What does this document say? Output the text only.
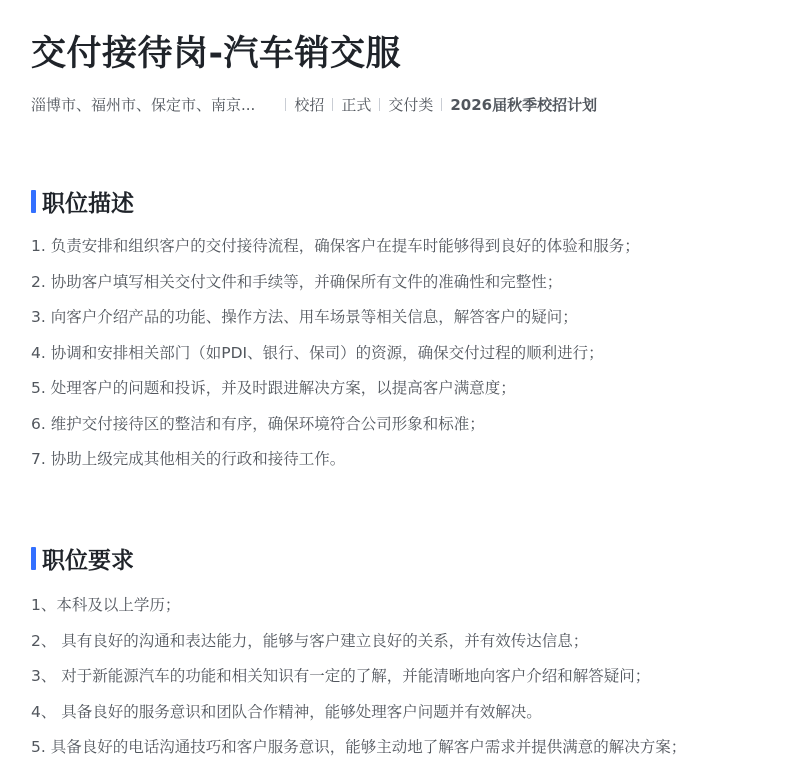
交付接待岗-汽车销交服
淄博市、福州市、保定市、南京...	校招 正式 交付类 2026届秋季校招计划
职位描述
1. 负责安排和组织客户的交付接待流程，确保客户在提车时能够得到良好的体验和服务；
2. 协助客户填写相关交付文件和手续等，并确保所有文件的准确性和完整性；
3. 向客户介绍产品的功能、操作方法、用车场景等相关信息，解答客户的疑问；
4. 协调和安排相关部门（如PDI、银行、保司）的资源，确保交付过程的顺利进行；
5. 处理客户的问题和投诉，并及时跟进解决方案，以提高客户满意度；
6. 维护交付接待区的整洁和有序，确保环境符合公司形象和标准；
7. 协助上级完成其他相关的行政和接待工作。
职位要求
1、本科及以上学历；
2、 具有良好的沟通和表达能力，能够与客户建立良好的关系，并有效传达信息；
3、 对于新能源汽车的功能和相关知识有一定的了解，并能清晰地向客户介绍和解答疑问；
4、 具备良好的服务意识和团队合作精神，能够处理客户问题并有效解决。
5. 具备良好的电话沟通技巧和客户服务意识，能够主动地了解客户需求并提供满意的解决方案；
